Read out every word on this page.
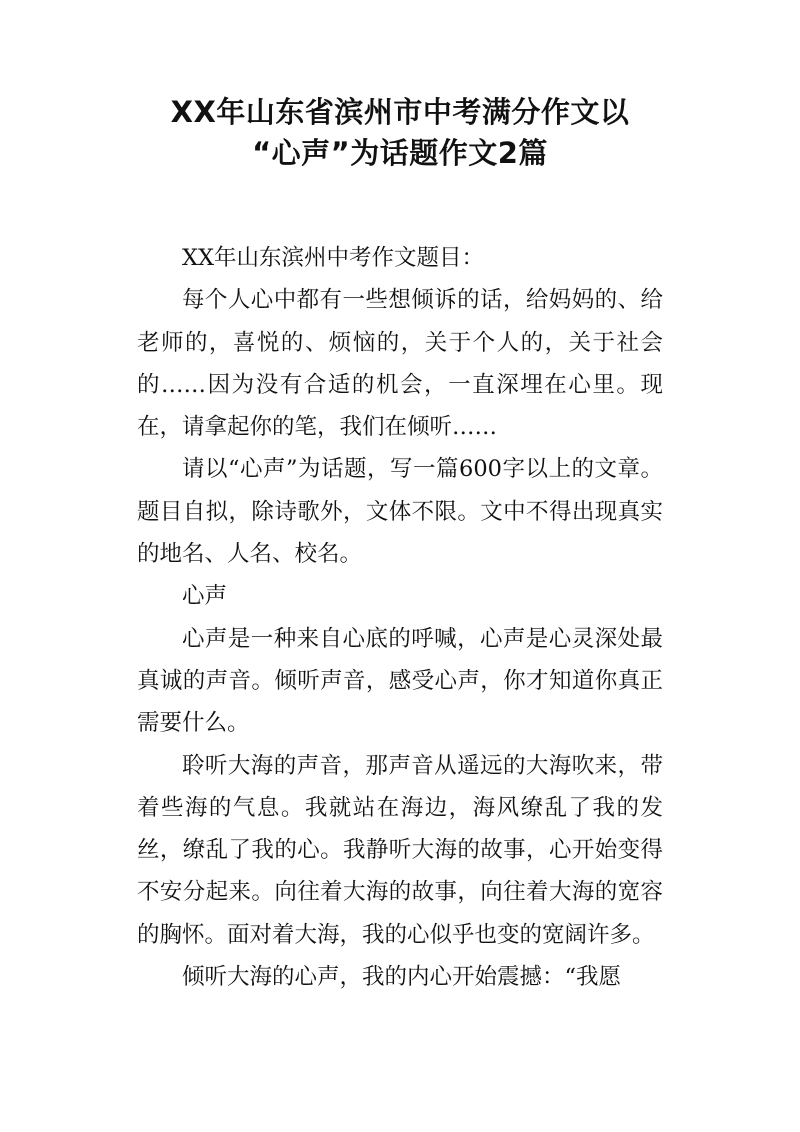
XX年山东省滨州市中考满分作文以
“心声”为话题作文2篇

XX年山东滨州中考作文题目：

每个人心中都有一些想倾诉的话，给妈妈的、给老师的，喜悦的、烦恼的，关于个人的，关于社会的……因为没有合适的机会，一直深埋在心里。现在，请拿起你的笔，我们在倾听……

请以“心声”为话题，写一篇600字以上的文章。题目自拟，除诗歌外，文体不限。文中不得出现真实的地名、人名、校名。

心声

心声是一种来自心底的呼喊，心声是心灵深处最真诚的声音。倾听声音，感受心声，你才知道你真正需要什么。

聆听大海的声音，那声音从遥远的大海吹来，带着些海的气息。我就站在海边，海风缭乱了我的发丝，缭乱了我的心。我静听大海的故事，心开始变得不安分起来。向往着大海的故事，向往着大海的宽容的胸怀。面对着大海，我的心似乎也变的宽阔许多。

倾听大海的心声，我的内心开始震撼：“我愿
